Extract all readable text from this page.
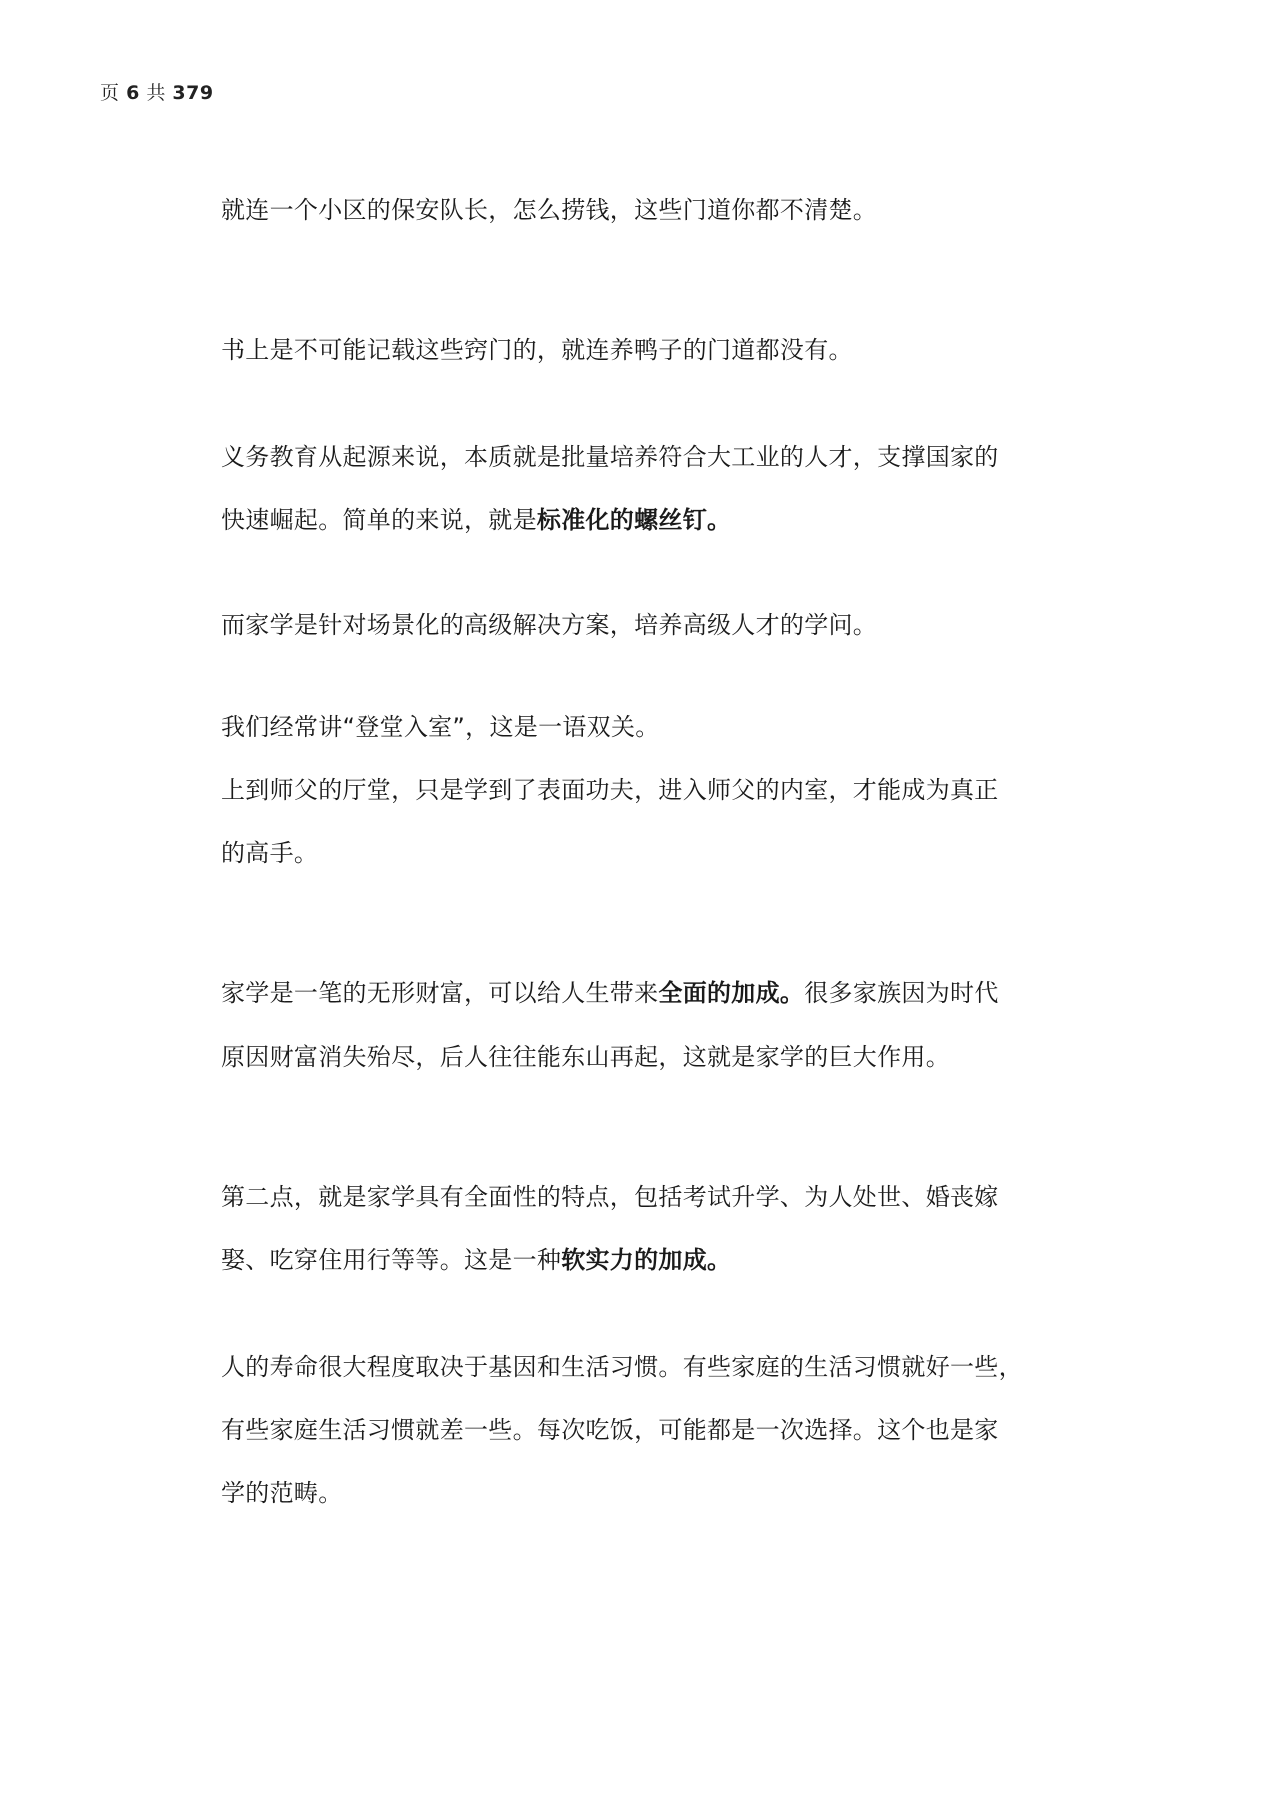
页 6 共 379
就连一个小区的保安队长，怎么捞钱，这些门道你都不清楚。
书上是不可能记载这些窍门的，就连养鸭子的门道都没有。
义务教育从起源来说，本质就是批量培养符合大工业的人才，支撑国家的
快速崛起。简单的来说，就是标准化的螺丝钉。
而家学是针对场景化的高级解决方案，培养高级人才的学问。
我们经常讲“登堂入室”，这是一语双关。
上到师父的厅堂，只是学到了表面功夫，进入师父的内室，才能成为真正
的高手。
家学是一笔的无形财富，可以给人生带来全面的加成。很多家族因为时代
原因财富消失殆尽，后人往往能东山再起，这就是家学的巨大作用。
第二点，就是家学具有全面性的特点，包括考试升学、为人处世、婚丧嫁
娶、吃穿住用行等等。这是一种软实力的加成。
人的寿命很大程度取决于基因和生活习惯。有些家庭的生活习惯就好一些，
有些家庭生活习惯就差一些。每次吃饭，可能都是一次选择。这个也是家
学的范畴。
